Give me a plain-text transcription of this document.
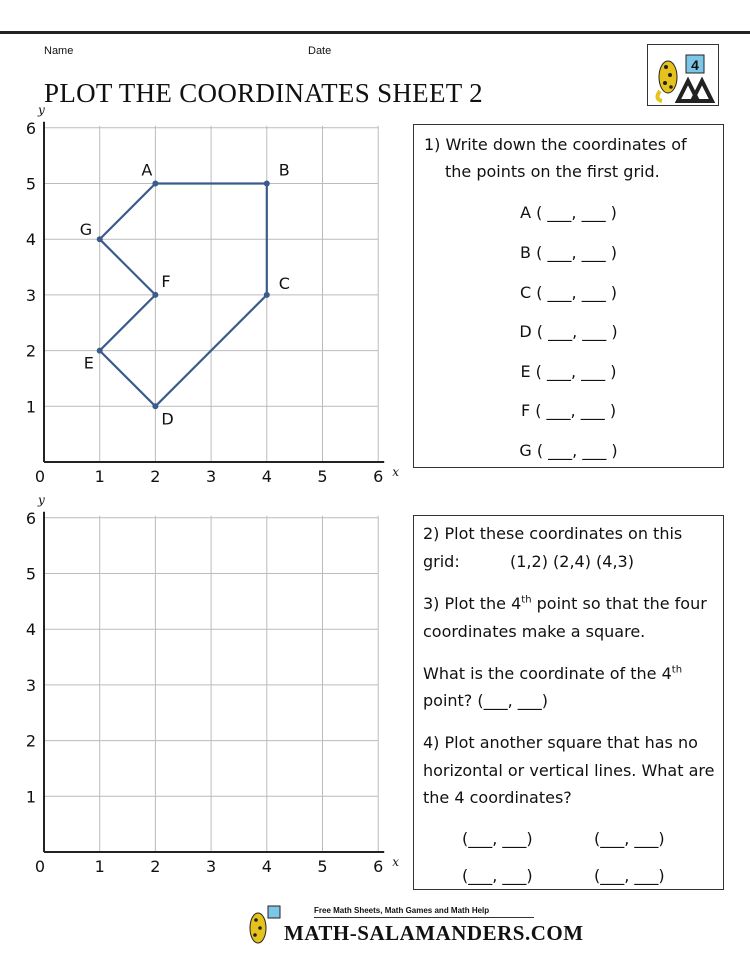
Name	Date
PLOT THE COORDINATES SHEET 2
4
0	1	2	3	4	5	6
1
2
3
4
5
6
x
y
A	B
C
D
E
F
G
0	1	2	3	4	5	6
1
2
3
4
5
6
x
y
1) Write down the coordinates of
the points on the first grid.
A ( ___, ___ )
B ( ___, ___ )
C ( ___, ___ )
D ( ___, ___ )
E ( ___, ___ )
F ( ___, ___ )
G ( ___, ___ )
2) Plot these coordinates on this
grid:	(1,2) (2,4) (4,3)
3) Plot the 4th point so that the four
coordinates make a square.
What is the coordinate of the 4th
point? (___, ___)
4) Plot another square that has no
horizontal or vertical lines. What are
the 4 coordinates?
(___, ___)	(___, ___)
(___, ___)	(___, ___)
Free Math Sheets, Math Games and Math Help
MATH-SALAMANDERS.COM
